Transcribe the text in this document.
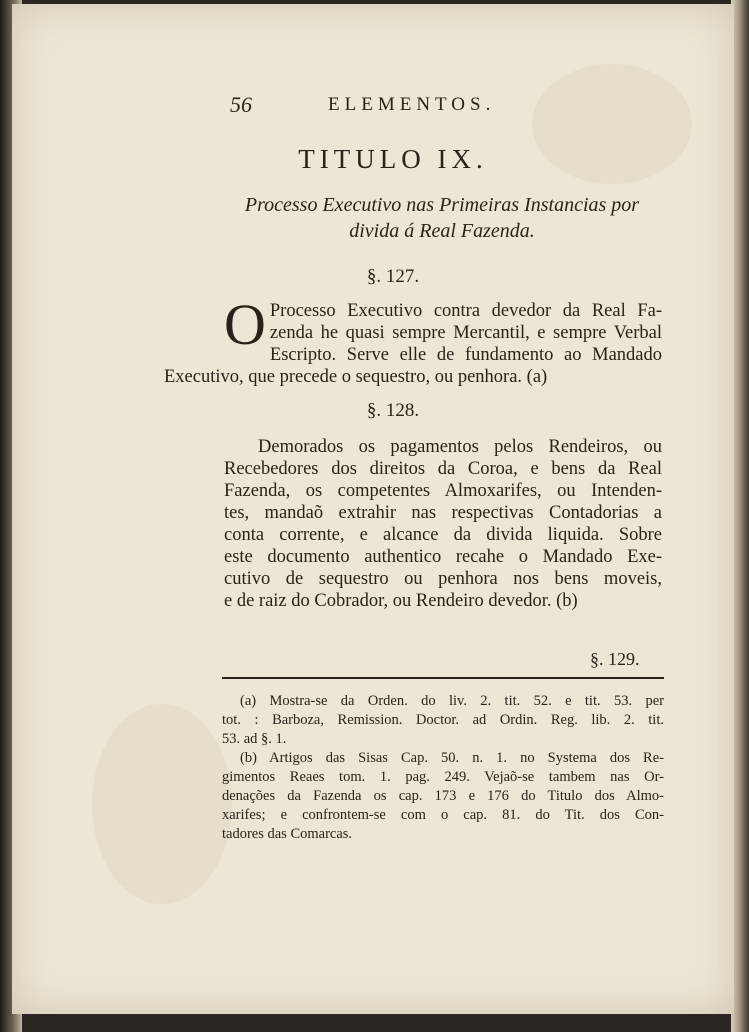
56	ELEMENTOS.
TITULO IX.
Processo Executivo nas Primeiras Instancias por
divida á Real Fazenda.
§. 127.
O Processo Executivo contra devedor da Real Fa-
zenda he quasi sempre Mercantil, e sempre Verbal
Escripto. Serve elle de fundamento ao Mandado
Executivo, que precede o sequestro, ou penhora. (a)
§. 128.
Demorados os pagamentos pelos Rendeiros, ou
Recebedores dos direitos da Coroa, e bens da Real
Fazenda, os competentes Almoxarifes, ou Intenden-
tes, mandaõ extrahir nas respectivas Contadorias a
conta corrente, e alcance da divida liquida. Sobre
este documento authentico recahe o Mandado Exe-
cutivo de sequestro ou penhora nos bens moveis,
e de raiz do Cobrador, ou Rendeiro devedor. (b)
§. 129.
(a) Mostra-se da Orden. do liv. 2. tit. 52. e tit. 53. per
tot. : Barboza, Remission. Doctor. ad Ordin. Reg. lib. 2. tit.
53. ad §. 1.
(b) Artigos das Sisas Cap. 50. n. 1. no Systema dos Re-
gimentos Reaes tom. 1. pag. 249. Vejaõ-se tambem nas Or-
denações da Fazenda os cap. 173 e 176 do Titulo dos Almo-
xarifes; e confrontem-se com o cap. 81. do Tit. dos Con-
tadores das Comarcas.
